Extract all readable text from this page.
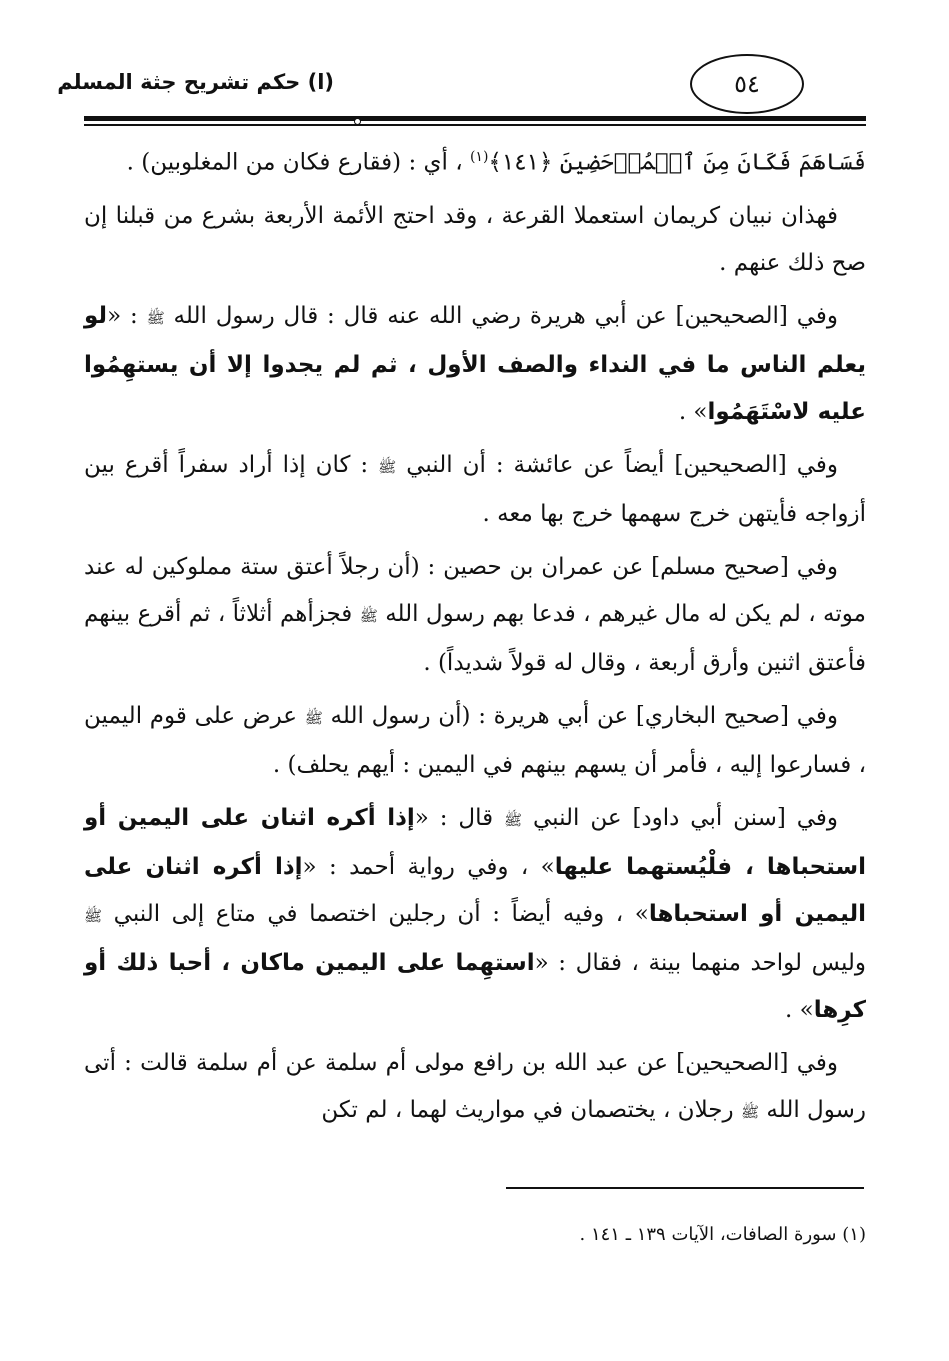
(ا) حكم تشريح جثة المسلم	٥٤

فَسَاهَمَ فَكَانَ مِنَ ٱلۡمُدۡحَضِينَ ﴿١٤١﴾$^{(١)}$ ، أي : (فقارع فكان من المغلوبين) .

فهذان نبيان كريمان استعملا القرعة ، وقد احتج الأئمة الأربعة بشرع من قبلنا إن صح ذلك عنهم .

وفي [الصحيحين] عن أبي هريرة رضي الله عنه قال : قال رسول الله ﷺ : «لو يعلم الناس ما في النداء والصف الأول ، ثم لم يجدوا إلا أن يستهِمُوا عليه لاسْتَهَمُوا» .

وفي [الصحيحين] أيضاً عن عائشة : أن النبي ﷺ : كان إذا أراد سفراً أقرع بين أزواجه فأيتهن خرج سهمها خرج بها معه .

وفي [صحيح مسلم] عن عمران بن حصين : (أن رجلاً أعتق ستة مملوكين له عند موته ، لم يكن له مال غيرهم ، فدعا بهم رسول الله ﷺ فجزأهم أثلاثاً ، ثم أقرع بينهم فأعتق اثنين وأرق أربعة ، وقال له قولاً شديداً) .

وفي [صحيح البخاري] عن أبي هريرة : (أن رسول الله ﷺ عرض على قوم اليمين ، فسارعوا إليه ، فأمر أن يسهم بينهم في اليمين : أيهم يحلف) .

وفي [سنن أبي داود] عن النبي ﷺ قال : «إذا أكره اثنان على اليمين أو استحباها ، فلْيُستهما عليها» ، وفي رواية أحمد : «إذا أكره اثنان على اليمين أو استحباها» ، وفيه أيضاً : أن رجلين اختصما في متاع إلى النبي ﷺ وليس لواحد منهما بينة ، فقال : «استهِما على اليمين ماكان ، أحبا ذلك أو كرِها» .

وفي [الصحيحين] عن عبد الله بن رافع مولى أم سلمة عن أم سلمة قالت : أتى رسول الله ﷺ رجلان ، يختصمان في مواريث لهما ، لم تكن

(١) سورة الصافات، الآيات ١٣٩ ـ ١٤١ .
